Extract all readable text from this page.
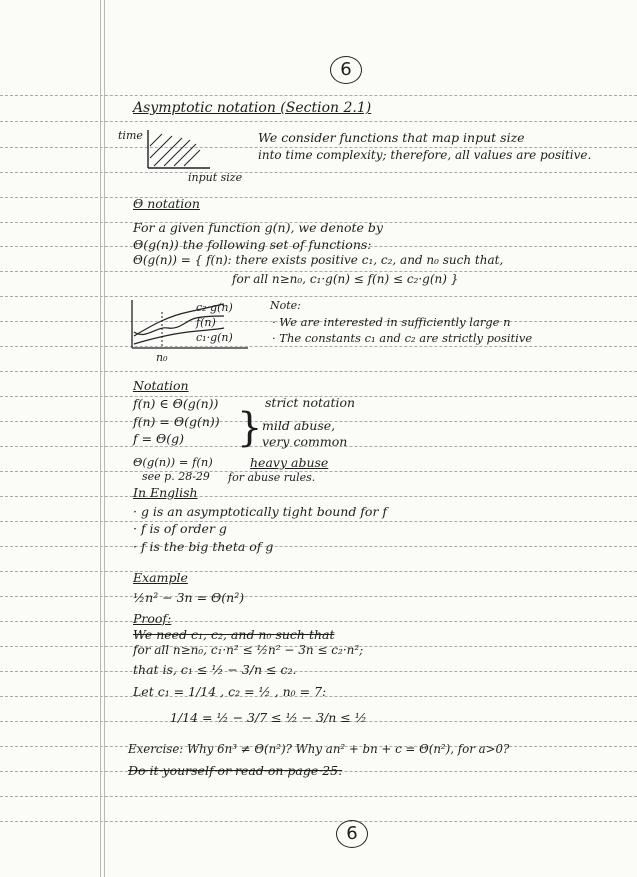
6
Asymptotic notation (Section 2.1)
time
input size
We consider functions that map input size
into time complexity; therefore, all values are positive.
Θ notation
For a given function g(n), we denote by
Θ(g(n)) the following set of functions:
Θ(g(n)) = { f(n): there exists positive c₁, c₂, and n₀ such that,
for all n≥n₀, c₁·g(n) ≤ f(n) ≤ c₂·g(n) }
c₂·g(n)
f(n)
c₁·g(n)
n₀
Note:
· We are interested in sufficiently large n
· The constants c₁ and c₂ are strictly positive
Notation
f(n) ∈ Θ(g(n))	strict notation
f(n) = Θ(g(n))
f = Θ(g) } mild abuse,
very common
Θ(g(n)) = f(n)	heavy abuse
see p. 28-29 for abuse rules.
In English
· g is an asymptotically tight bound for f
· f is of order g
· f is the big theta of g
Example
½n² − 3n = Θ(n²)
Proof:
We need c₁, c₂, and n₀ such that
for all n≥n₀, c₁·n² ≤ ½n² − 3n ≤ c₂·n²;
that is, c₁ ≤ ½ − 3/n ≤ c₂.
Let c₁ = 1/14 , c₂ = ½ , n₀ = 7:
1/14 = ½ − 3/7 ≤ ½ − 3/n ≤ ½
Exercise: Why 6n³ ≠ Θ(n²)? Why an² + bn + c = Θ(n²), for a>0?
Do it yourself or read on page 25.
6
